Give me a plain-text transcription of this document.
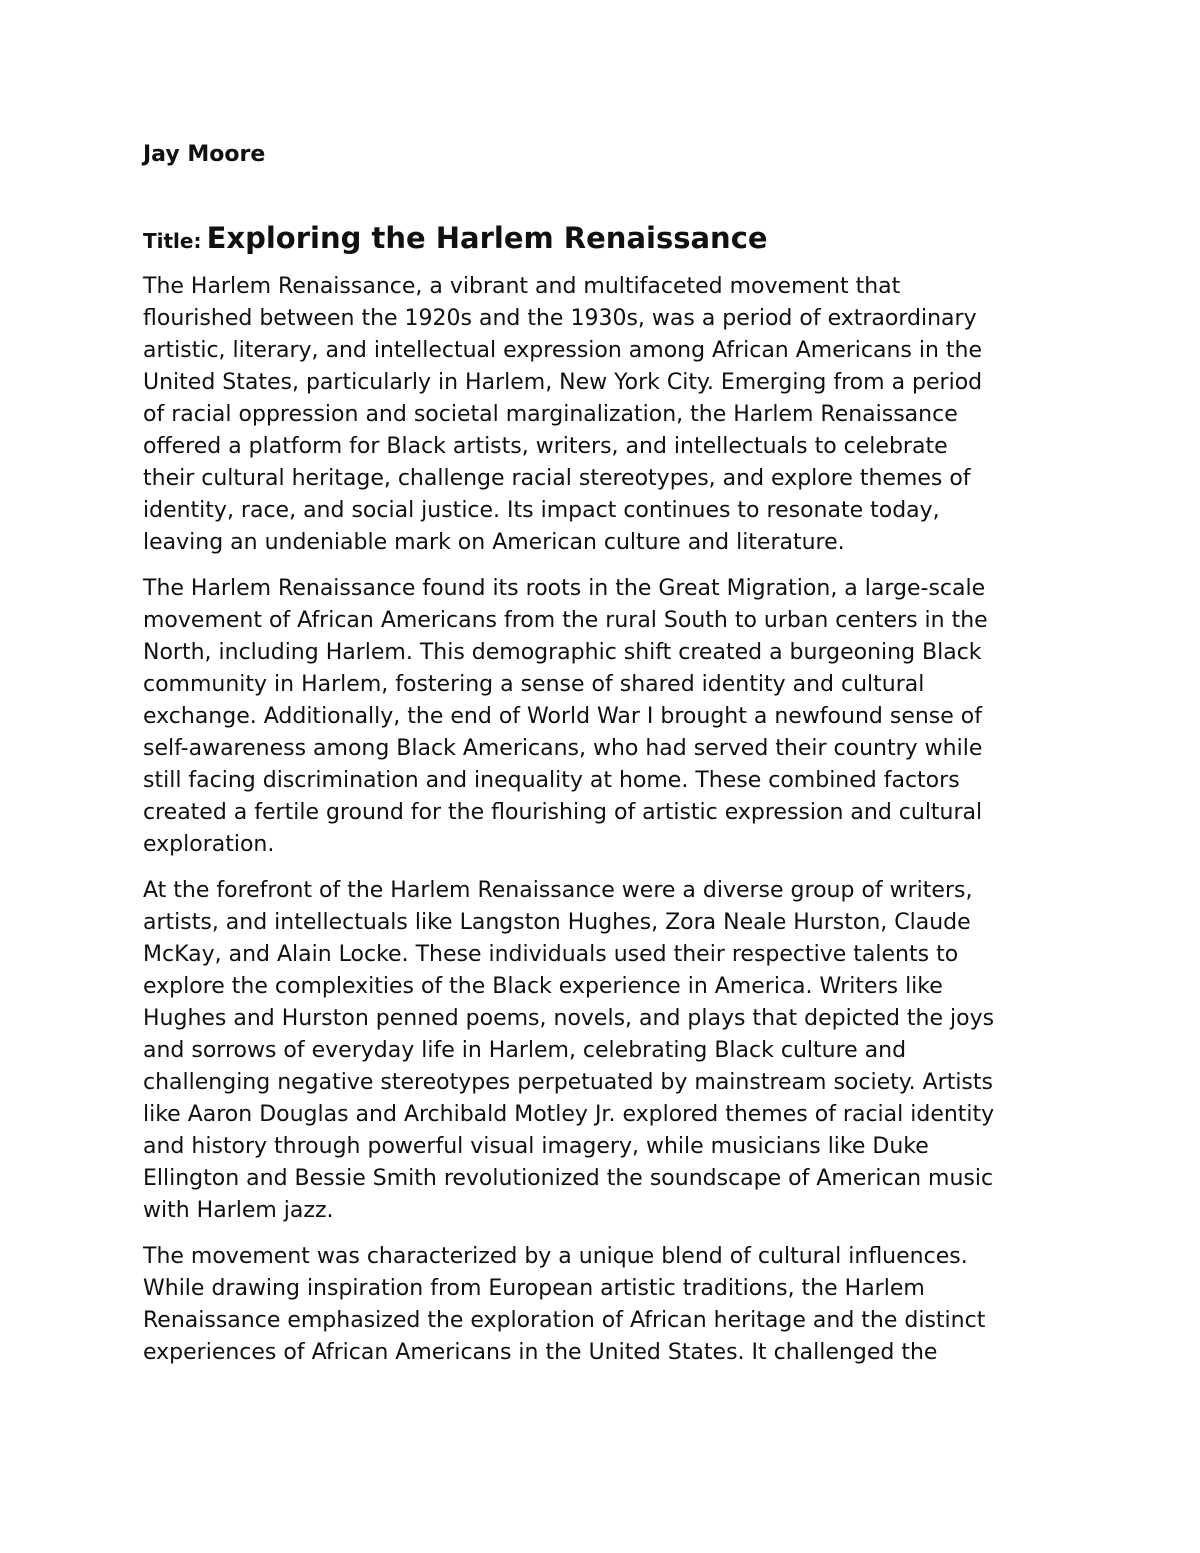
Jay Moore
Title: Exploring the Harlem Renaissance
The Harlem Renaissance, a vibrant and multifaceted movement that
flourished between the 1920s and the 1930s, was a period of extraordinary
artistic, literary, and intellectual expression among African Americans in the
United States, particularly in Harlem, New York City. Emerging from a period
of racial oppression and societal marginalization, the Harlem Renaissance
offered a platform for Black artists, writers, and intellectuals to celebrate
their cultural heritage, challenge racial stereotypes, and explore themes of
identity, race, and social justice. Its impact continues to resonate today,
leaving an undeniable mark on American culture and literature.
The Harlem Renaissance found its roots in the Great Migration, a large-scale
movement of African Americans from the rural South to urban centers in the
North, including Harlem. This demographic shift created a burgeoning Black
community in Harlem, fostering a sense of shared identity and cultural
exchange. Additionally, the end of World War I brought a newfound sense of
self-awareness among Black Americans, who had served their country while
still facing discrimination and inequality at home. These combined factors
created a fertile ground for the flourishing of artistic expression and cultural
exploration.
At the forefront of the Harlem Renaissance were a diverse group of writers,
artists, and intellectuals like Langston Hughes, Zora Neale Hurston, Claude
McKay, and Alain Locke. These individuals used their respective talents to
explore the complexities of the Black experience in America. Writers like
Hughes and Hurston penned poems, novels, and plays that depicted the joys
and sorrows of everyday life in Harlem, celebrating Black culture and
challenging negative stereotypes perpetuated by mainstream society. Artists
like Aaron Douglas and Archibald Motley Jr. explored themes of racial identity
and history through powerful visual imagery, while musicians like Duke
Ellington and Bessie Smith revolutionized the soundscape of American music
with Harlem jazz.
The movement was characterized by a unique blend of cultural influences.
While drawing inspiration from European artistic traditions, the Harlem
Renaissance emphasized the exploration of African heritage and the distinct
experiences of African Americans in the United States. It challenged the
